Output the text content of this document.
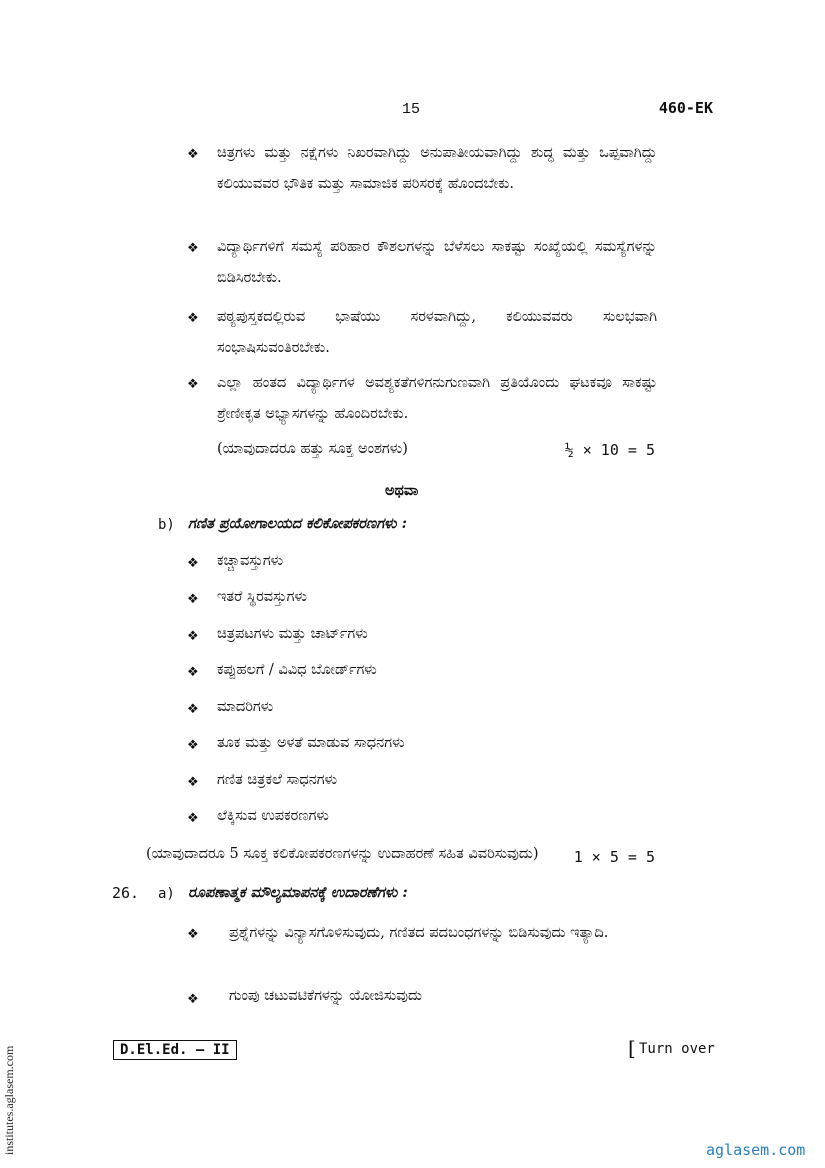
15	460-EK
❖ ಚಿತ್ರಗಳು ಮತ್ತು ನಕ್ಷೆಗಳು ನಿಖರವಾಗಿದ್ದು ಅನುಪಾತೀಯವಾಗಿದ್ದು ಶುದ್ಧ ಮತ್ತು ಒಪ್ಪವಾಗಿದ್ದು ಕಲಿಯುವವರ ಭೌತಿಕ ಮತ್ತು ಸಾಮಾಜಿಕ ಪರಿಸರಕ್ಕೆ ಹೊಂದಬೇಕು.
❖ ವಿದ್ಯಾರ್ಥಿಗಳಿಗೆ ಸಮಸ್ಯೆ ಪರಿಹಾರ ಕೌಶಲಗಳನ್ನು ಬೆಳೆಸಲು ಸಾಕಷ್ಟು ಸಂಖ್ಯೆಯಲ್ಲಿ ಸಮಸ್ಯೆಗಳನ್ನು ಬಿಡಿಸಿರಬೇಕು.
❖ ಪಠ್ಯಪುಸ್ತಕದಲ್ಲಿರುವ ಭಾಷೆಯು ಸರಳವಾಗಿದ್ದು, ಕಲಿಯುವವರು ಸುಲಭವಾಗಿ ಸಂಭಾಷಿಸುವಂತಿರಬೇಕು.
❖ ಎಲ್ಲಾ ಹಂತದ ವಿದ್ಯಾರ್ಥಿಗಳ ಅವಶ್ಯಕತೆಗಳಿಗನುಗುಣವಾಗಿ ಪ್ರತಿಯೊಂದು ಘಟಕವೂ ಸಾಕಷ್ಟು ಶ್ರೇಣೀಕೃತ ಅಭ್ಯಾಸಗಳನ್ನು ಹೊಂದಿರಬೇಕು.
(ಯಾವುದಾದರೂ ಹತ್ತು ಸೂಕ್ತ ಅಂಶಗಳು)	½ × 10 = 5
ಅಥವಾ
b) ಗಣಿತ ಪ್ರಯೋಗಾಲಯದ ಕಲಿಕೋಪಕರಣಗಳು :
❖ ಕಚ್ಚಾವಸ್ತುಗಳು
❖ ಇತರೆ ಸ್ಥಿರವಸ್ತುಗಳು
❖ ಚಿತ್ರಪಟಗಳು ಮತ್ತು ಚಾರ್ಟ್‌ಗಳು
❖ ಕಪ್ಪುಹಲಗೆ / ವಿವಿಧ ಬೋರ್ಡ್‌ಗಳು
❖ ಮಾದರಿಗಳು
❖ ತೂಕ ಮತ್ತು ಅಳತೆ ಮಾಡುವ ಸಾಧನಗಳು
❖ ಗಣಿತ ಚಿತ್ರಕಲೆ ಸಾಧನಗಳು
❖ ಲೆಕ್ಕಿಸುವ ಉಪಕರಣಗಳು
(ಯಾವುದಾದರೂ 5 ಸೂಕ್ತ ಕಲಿಕೋಪಕರಣಗಳನ್ನು ಉದಾಹರಣೆ ಸಹಿತ ವಿವರಿಸುವುದು) 1 × 5 = 5
26. a) ರೂಪಣಾತ್ಮಕ ಮೌಲ್ಯಮಾಪನಕ್ಕೆ ಉದಾರಣೆಗಳು :
❖ ಪ್ರಶ್ನೆಗಳನ್ನು ವಿನ್ಯಾಸಗೊಳಿಸುವುದು, ಗಣಿತದ ಪದಬಂಧಗಳನ್ನು ಬಿಡಿಸುವುದು ಇತ್ಯಾದಿ.
❖ ಗುಂಪು ಚಟುವಟಿಕೆಗಳನ್ನು ಯೋಜಿಸುವುದು
D.El.Ed. – II	[ Turn over
institutes.aglasem.com	aglasem.com
